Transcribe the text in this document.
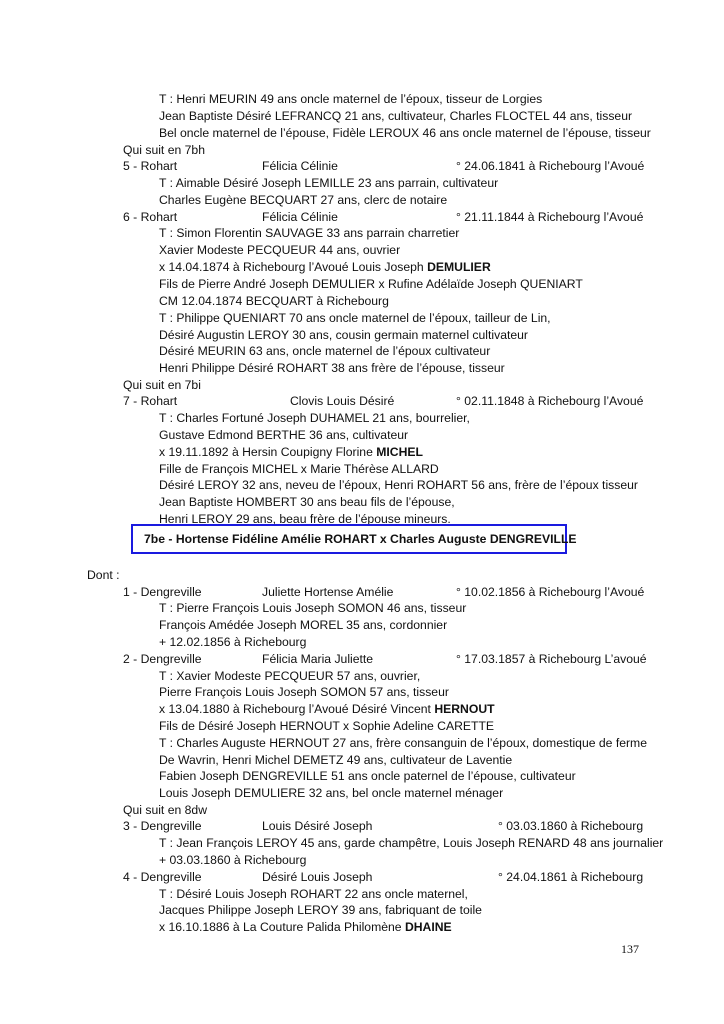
T : Henri MEURIN 49 ans oncle maternel de l’époux, tisseur de Lorgies
Jean Baptiste Désiré LEFRANCQ 21 ans, cultivateur, Charles FLOCTEL 44 ans, tisseur
Bel oncle maternel de l’épouse, Fidèle LEROUX 46 ans oncle maternel de l’épouse, tisseur
Qui suit en 7bh
5 - Rohart	Félicia Célinie	° 24.06.1841 à Richebourg l’Avoué
T : Aimable Désiré Joseph LEMILLE 23 ans parrain, cultivateur
Charles Eugène BECQUART 27 ans, clerc de notaire
6 - Rohart	Félicia Célinie	° 21.11.1844 à Richebourg l’Avoué
T : Simon Florentin SAUVAGE 33 ans parrain charretier
Xavier Modeste PECQUEUR 44 ans, ouvrier
x 14.04.1874 à Richebourg l’Avoué Louis Joseph DEMULIER
Fils de Pierre André Joseph DEMULIER x Rufine Adélaïde Joseph QUENIART
CM 12.04.1874 BECQUART à Richebourg
T : Philippe QUENIART 70 ans oncle maternel de l’époux, tailleur de Lin,
Désiré Augustin LEROY 30 ans, cousin germain maternel cultivateur
Désiré MEURIN 63 ans, oncle maternel de l’époux cultivateur
Henri Philippe Désiré ROHART 38 ans frère de l’épouse, tisseur
Qui suit en 7bi
7 - Rohart	Clovis Louis Désiré	° 02.11.1848 à Richebourg l’Avoué
T : Charles Fortuné Joseph DUHAMEL 21 ans, bourrelier,
Gustave Edmond BERTHE 36 ans, cultivateur
x 19.11.1892 à Hersin Coupigny Florine MICHEL
Fille de François MICHEL x Marie Thérèse ALLARD
Désiré LEROY 32 ans, neveu de l’époux, Henri ROHART 56 ans, frère de l’époux tisseur
Jean Baptiste HOMBERT 30 ans beau fils de l’épouse,
Henri LEROY 29 ans, beau frère de l’épouse mineurs.
7be - Hortense Fidéline Amélie ROHART x Charles Auguste DENGREVILLE
Dont :
1 - Dengreville	Juliette Hortense Amélie	° 10.02.1856 à Richebourg l’Avoué
T : Pierre François Louis Joseph SOMON 46 ans, tisseur
François Amédée Joseph MOREL 35 ans, cordonnier
+ 12.02.1856 à Richebourg
2 - Dengreville	Félicia Maria Juliette	° 17.03.1857 à Richebourg L’avoué
T : Xavier Modeste PECQUEUR 57 ans, ouvrier,
Pierre François Louis Joseph SOMON 57 ans, tisseur
x 13.04.1880 à Richebourg l’Avoué Désiré Vincent HERNOUT
Fils de Désiré Joseph HERNOUT x Sophie Adeline CARETTE
T : Charles Auguste HERNOUT 27 ans, frère consanguin de l’époux, domestique de ferme
De Wavrin, Henri Michel DEMETZ 49 ans, cultivateur de Laventie
Fabien Joseph DENGREVILLE 51 ans oncle paternel de l’épouse, cultivateur
Louis Joseph DEMULIERE 32 ans, bel oncle maternel ménager
Qui suit en 8dw
3 - Dengreville	Louis Désiré Joseph	° 03.03.1860 à Richebourg
T : Jean François LEROY 45 ans, garde champêtre, Louis Joseph RENARD 48 ans journalier
+ 03.03.1860 à Richebourg
4 - Dengreville	Désiré Louis Joseph	° 24.04.1861 à Richebourg
T : Désiré Louis Joseph ROHART 22 ans oncle maternel,
Jacques Philippe Joseph LEROY 39 ans, fabriquant de toile
x 16.10.1886 à La Couture Palida Philomène DHAINE
137
